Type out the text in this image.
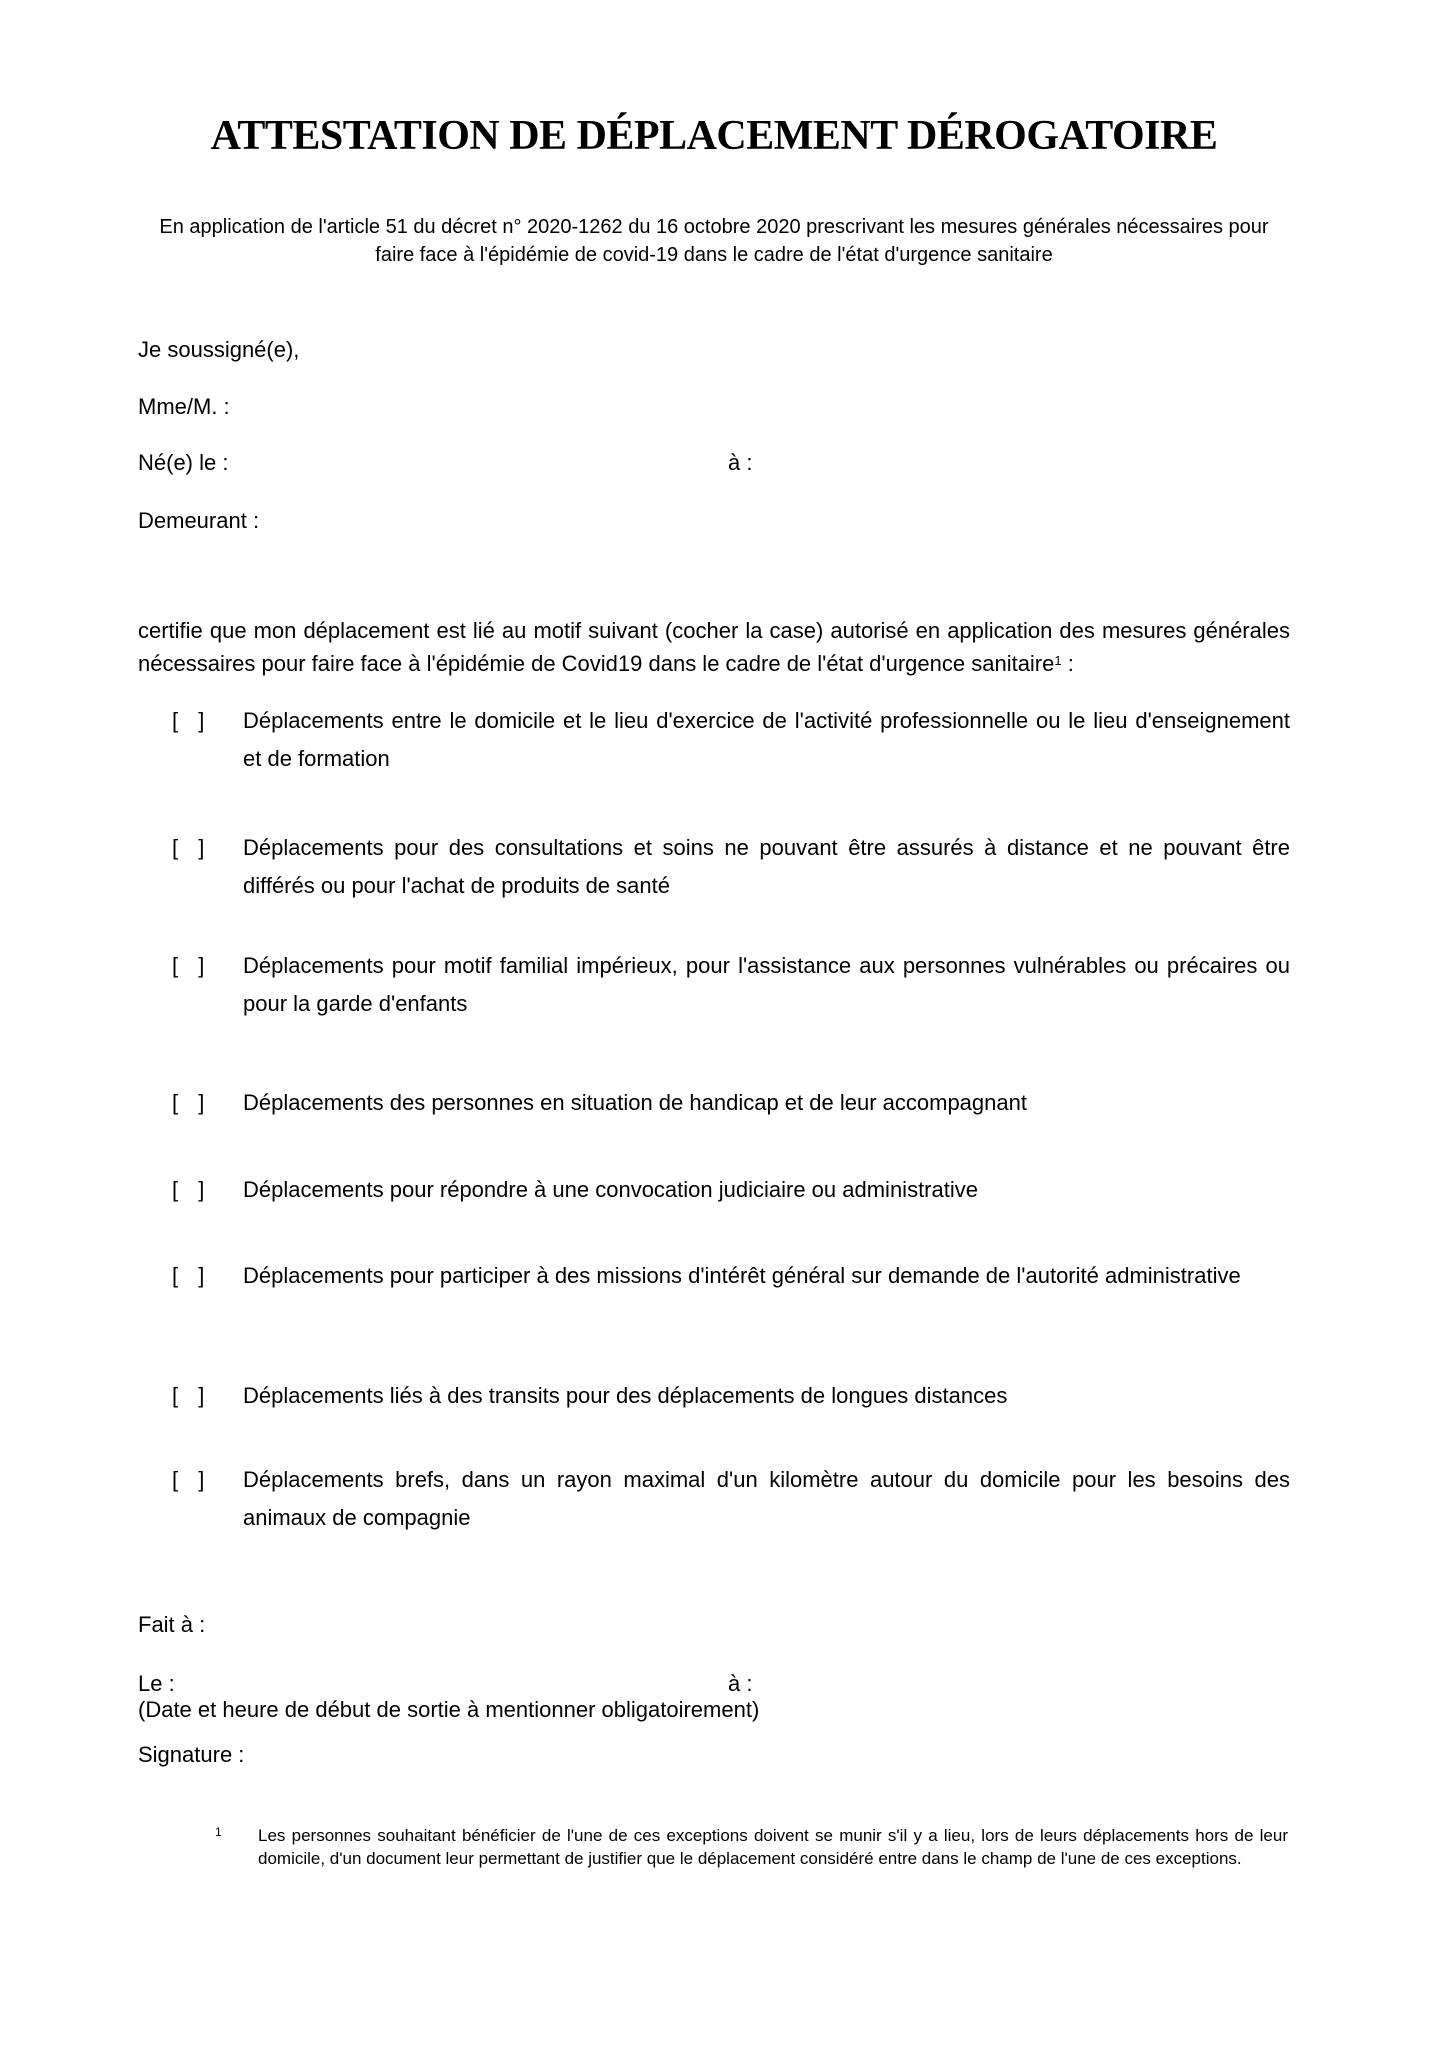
ATTESTATION DE DÉPLACEMENT DÉROGATOIRE

En application de l'article 51 du décret n° 2020-1262 du 16 octobre 2020 prescrivant les mesures générales nécessaires pour faire face à l'épidémie de covid-19 dans le cadre de l'état d'urgence sanitaire

Je soussigné(e),
Mme/M. :
Né(e) le :	à :
Demeurant :

certifie que mon déplacement est lié au motif suivant (cocher la case) autorisé en application des mesures générales nécessaires pour faire face à l'épidémie de Covid19 dans le cadre de l'état d'urgence sanitaire$^1$ :

[ ]	Déplacements entre le domicile et le lieu d'exercice de l'activité professionnelle ou le lieu d'enseignement et de formation
[ ]	Déplacements pour des consultations et soins ne pouvant être assurés à distance et ne pouvant être différés ou pour l'achat de produits de santé
[ ]	Déplacements pour motif familial impérieux, pour l'assistance aux personnes vulnérables ou précaires ou pour la garde d'enfants
[ ]	Déplacements des personnes en situation de handicap et de leur accompagnant
[ ]	Déplacements pour répondre à une convocation judiciaire ou administrative
[ ]	Déplacements pour participer à des missions d'intérêt général sur demande de l'autorité administrative
[ ]	Déplacements liés à des transits pour des déplacements de longues distances
[ ]	Déplacements brefs, dans un rayon maximal d'un kilomètre autour du domicile pour les besoins des animaux de compagnie
Fait à :
Le :	à :
(Date et heure de début de sortie à mentionner obligatoirement)
Signature :
1 Les personnes souhaitant bénéficier de l'une de ces exceptions doivent se munir s'il y a lieu, lors de leurs déplacements hors de leur domicile, d'un document leur permettant de justifier que le déplacement considéré entre dans le champ de l'une de ces exceptions.
